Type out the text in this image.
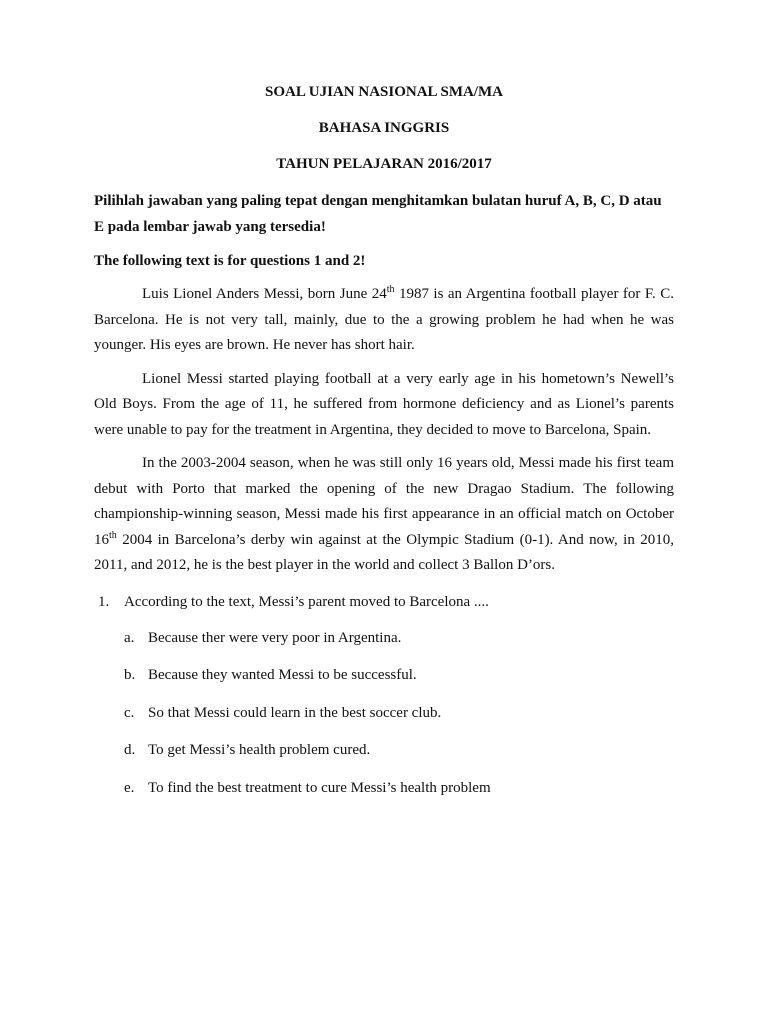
SOAL UJIAN NASIONAL SMA/MA

BAHASA INGGRIS

TAHUN PELAJARAN 2016/2017

Pilihlah jawaban yang paling tepat dengan menghitamkan bulatan huruf A, B, C, D atau E pada lembar jawab yang tersedia!

The following text is for questions 1 and 2!

Luis Lionel Anders Messi, born June 24th 1987 is an Argentina football player for F. C. Barcelona. He is not very tall, mainly, due to the a growing problem he had when he was younger. His eyes are brown. He never has short hair.

Lionel Messi started playing football at a very early age in his hometown’s Newell’s Old Boys. From the age of 11, he suffered from hormone deficiency and as Lionel’s parents were unable to pay for the treatment in Argentina, they decided to move to Barcelona, Spain.

In the 2003-2004 season, when he was still only 16 years old, Messi made his first team debut with Porto that marked the opening of the new Dragao Stadium. The following championship-winning season, Messi made his first appearance in an official match on October 16th 2004 in Barcelona’s derby win against at the Olympic Stadium (0-1). And now, in 2010, 2011, and 2012, he is the best player in the world and collect 3 Ballon D’ors.

1. According to the text, Messi’s parent moved to Barcelona ....
a. Because ther were very poor in Argentina.
b. Because they wanted Messi to be successful.
c. So that Messi could learn in the best soccer club.
d. To get Messi’s health problem cured.
e. To find the best treatment to cure Messi’s health problem
